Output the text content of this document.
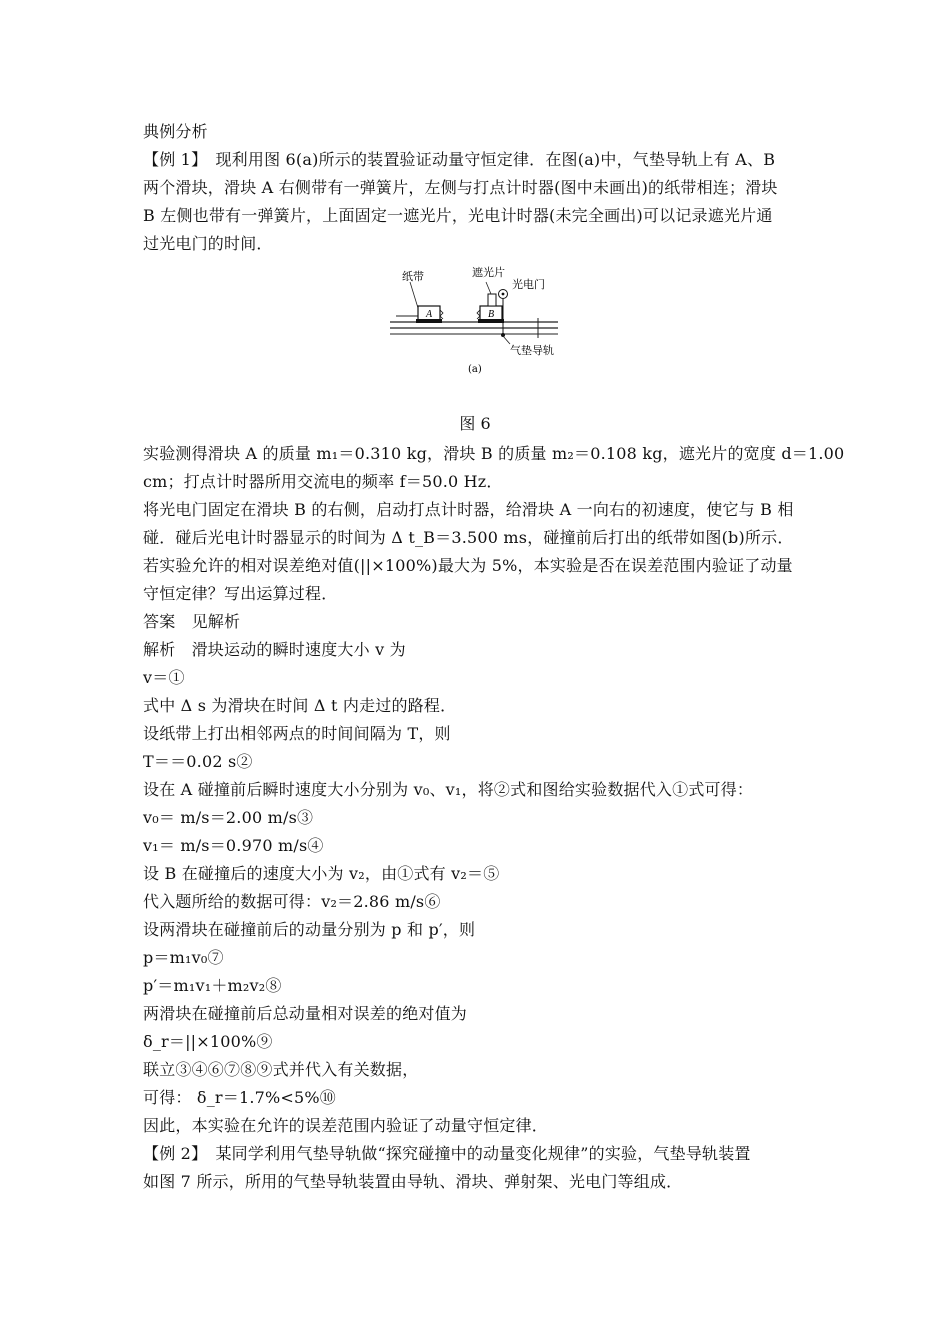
典例分析
【例 1】　现利用图 6(a)所示的装置验证动量守恒定律．在图(a)中，气垫导轨上有 A、B
两个滑块，滑块 A 右侧带有一弹簧片，左侧与打点计时器(图中未画出)的纸带相连；滑块
B 左侧也带有一弹簧片，上面固定一遮光片，光电计时器(未完全画出)可以记录遮光片通
过光电门的时间．
A	B
纸带	遮光片
光电门
气垫导轨
(a)
图 6
实验测得滑块 A 的质量 m₁＝0.310 kg，滑块 B 的质量 m₂＝0.108 kg，遮光片的宽度 d＝1.00
cm；打点计时器所用交流电的频率 f＝50.0 Hz．
将光电门固定在滑块 B 的右侧，启动打点计时器，给滑块 A 一向右的初速度，使它与 B 相
碰．碰后光电计时器显示的时间为 Δ t_B＝3.500 ms，碰撞前后打出的纸带如图(b)所示．
若实验允许的相对误差绝对值(||×100%)最大为 5%，本实验是否在误差范围内验证了动量
守恒定律？写出运算过程．
答案　见解析
解析　滑块运动的瞬时速度大小 v 为
v＝①
式中 Δ s 为滑块在时间 Δ t 内走过的路程．
设纸带上打出相邻两点的时间间隔为 T，则
T＝＝0.02 s②
设在 A 碰撞前后瞬时速度大小分别为 v₀、v₁，将②式和图给实验数据代入①式可得：
v₀＝ m/s＝2.00 m/s③
v₁＝ m/s＝0.970 m/s④
设 B 在碰撞后的速度大小为 v₂，由①式有 v₂＝⑤
代入题所给的数据可得：v₂＝2.86 m/s⑥
设两滑块在碰撞前后的动量分别为 p 和 p′，则
p＝m₁v₀⑦
p′＝m₁v₁＋m₂v₂⑧
两滑块在碰撞前后总动量相对误差的绝对值为
δ_r＝||×100%⑨
联立③④⑥⑦⑧⑨式并代入有关数据，
可得： δ_r＝1.7%<5%⑩
因此，本实验在允许的误差范围内验证了动量守恒定律．
【例 2】　某同学利用气垫导轨做“探究碰撞中的动量变化规律”的实验，气垫导轨装置
如图 7 所示，所用的气垫导轨装置由导轨、滑块、弹射架、光电门等组成．
